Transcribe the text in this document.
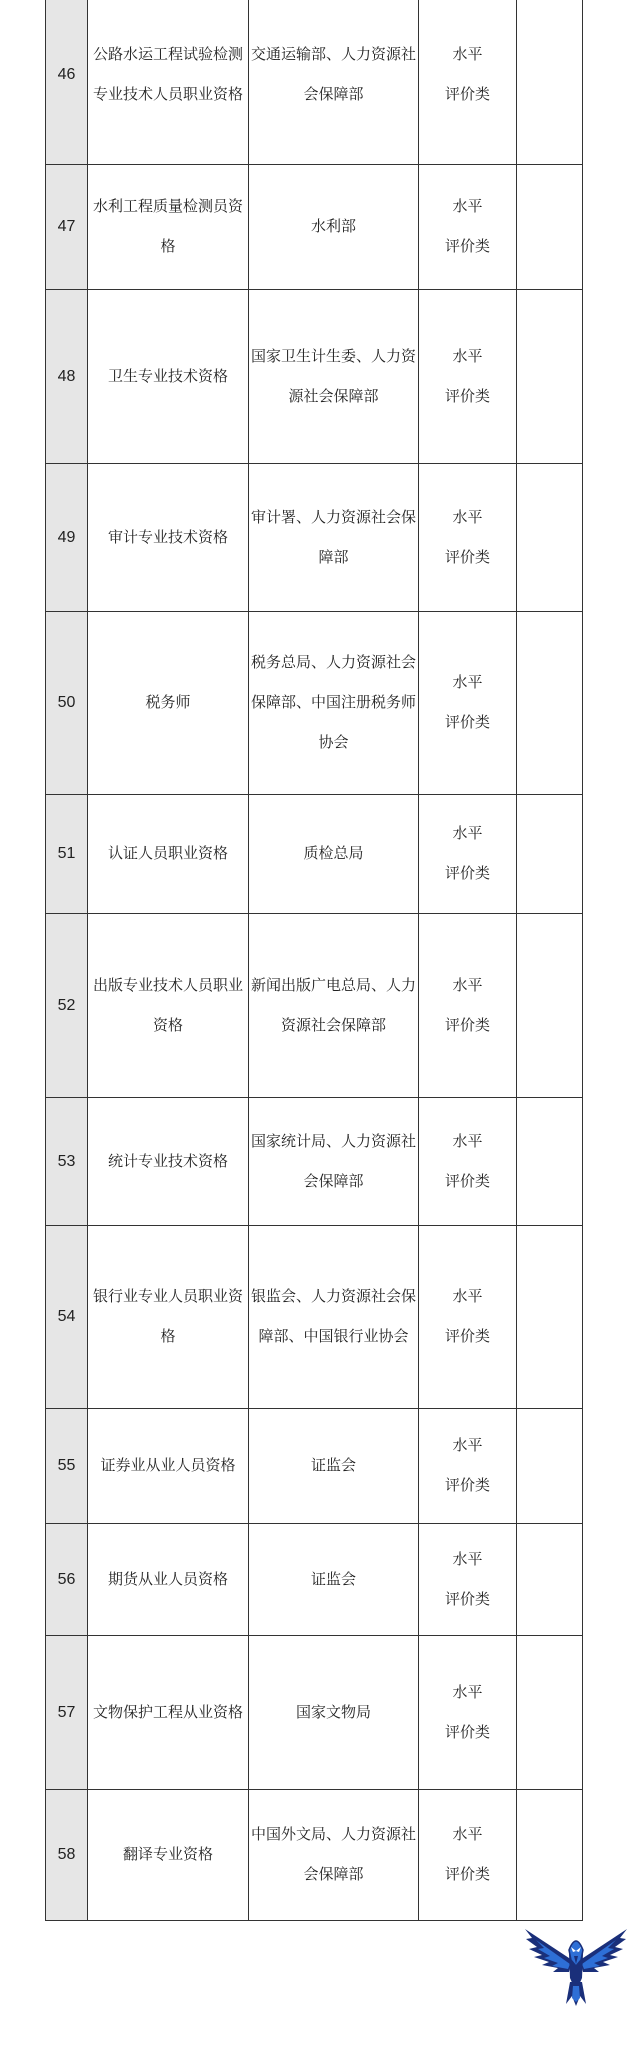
46	公路水运工程试验检测专业技术人员职业资格	交通运输部、人力资源社会保障部	水平
评价类	
47	水利工程质量检测员资格	水利部	水平
评价类	
48	卫生专业技术资格	国家卫生计生委、人力资源社会保障部	水平
评价类	
49	审计专业技术资格	审计署、人力资源社会保障部	水平
评价类	
50	税务师	税务总局、人力资源社会保障部、中国注册税务师协会	水平
评价类	
51	认证人员职业资格	质检总局	水平
评价类	
52	出版专业技术人员职业资格	新闻出版广电总局、人力资源社会保障部	水平
评价类	
53	统计专业技术资格	国家统计局、人力资源社会保障部	水平
评价类	
54	银行业专业人员职业资格	银监会、人力资源社会保障部、中国银行业协会	水平
评价类	
55	证券业从业人员资格	证监会	水平
评价类	
56	期货从业人员资格	证监会	水平
评价类	
57	文物保护工程从业资格	国家文物局	水平
评价类	
58	翻译专业资格	中国外文局、人力资源社会保障部	水平
评价类	
